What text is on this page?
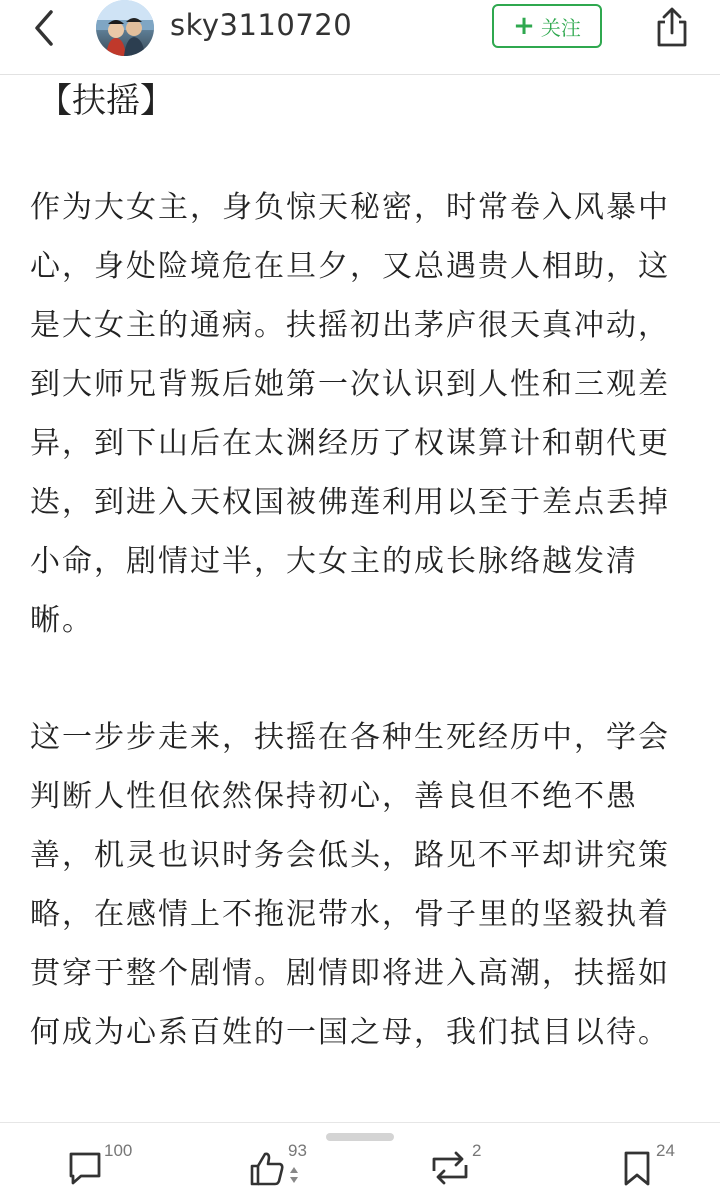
sky3110720	+ 关注
【扶摇】

作为大女主，身负惊天秘密，时常卷入风暴中心，身处险境危在旦夕，又总遇贵人相助，这是大女主的通病。扶摇初出茅庐很天真冲动，到大师兄背叛后她第一次认识到人性和三观差异，到下山后在太渊经历了权谋算计和朝代更迭，到进入天权国被佛莲利用以至于差点丢掉小命，剧情过半，大女主的成长脉络越发清晰。

这一步步走来，扶摇在各种生死经历中，学会判断人性但依然保持初心，善良但不绝不愚善，机灵也识时务会低头，路见不平却讲究策略，在感情上不拖泥带水，骨子里的坚毅执着贯穿于整个剧情。剧情即将进入高潮，扶摇如何成为心系百姓的一国之母，我们拭目以待。

100	93	2	24
